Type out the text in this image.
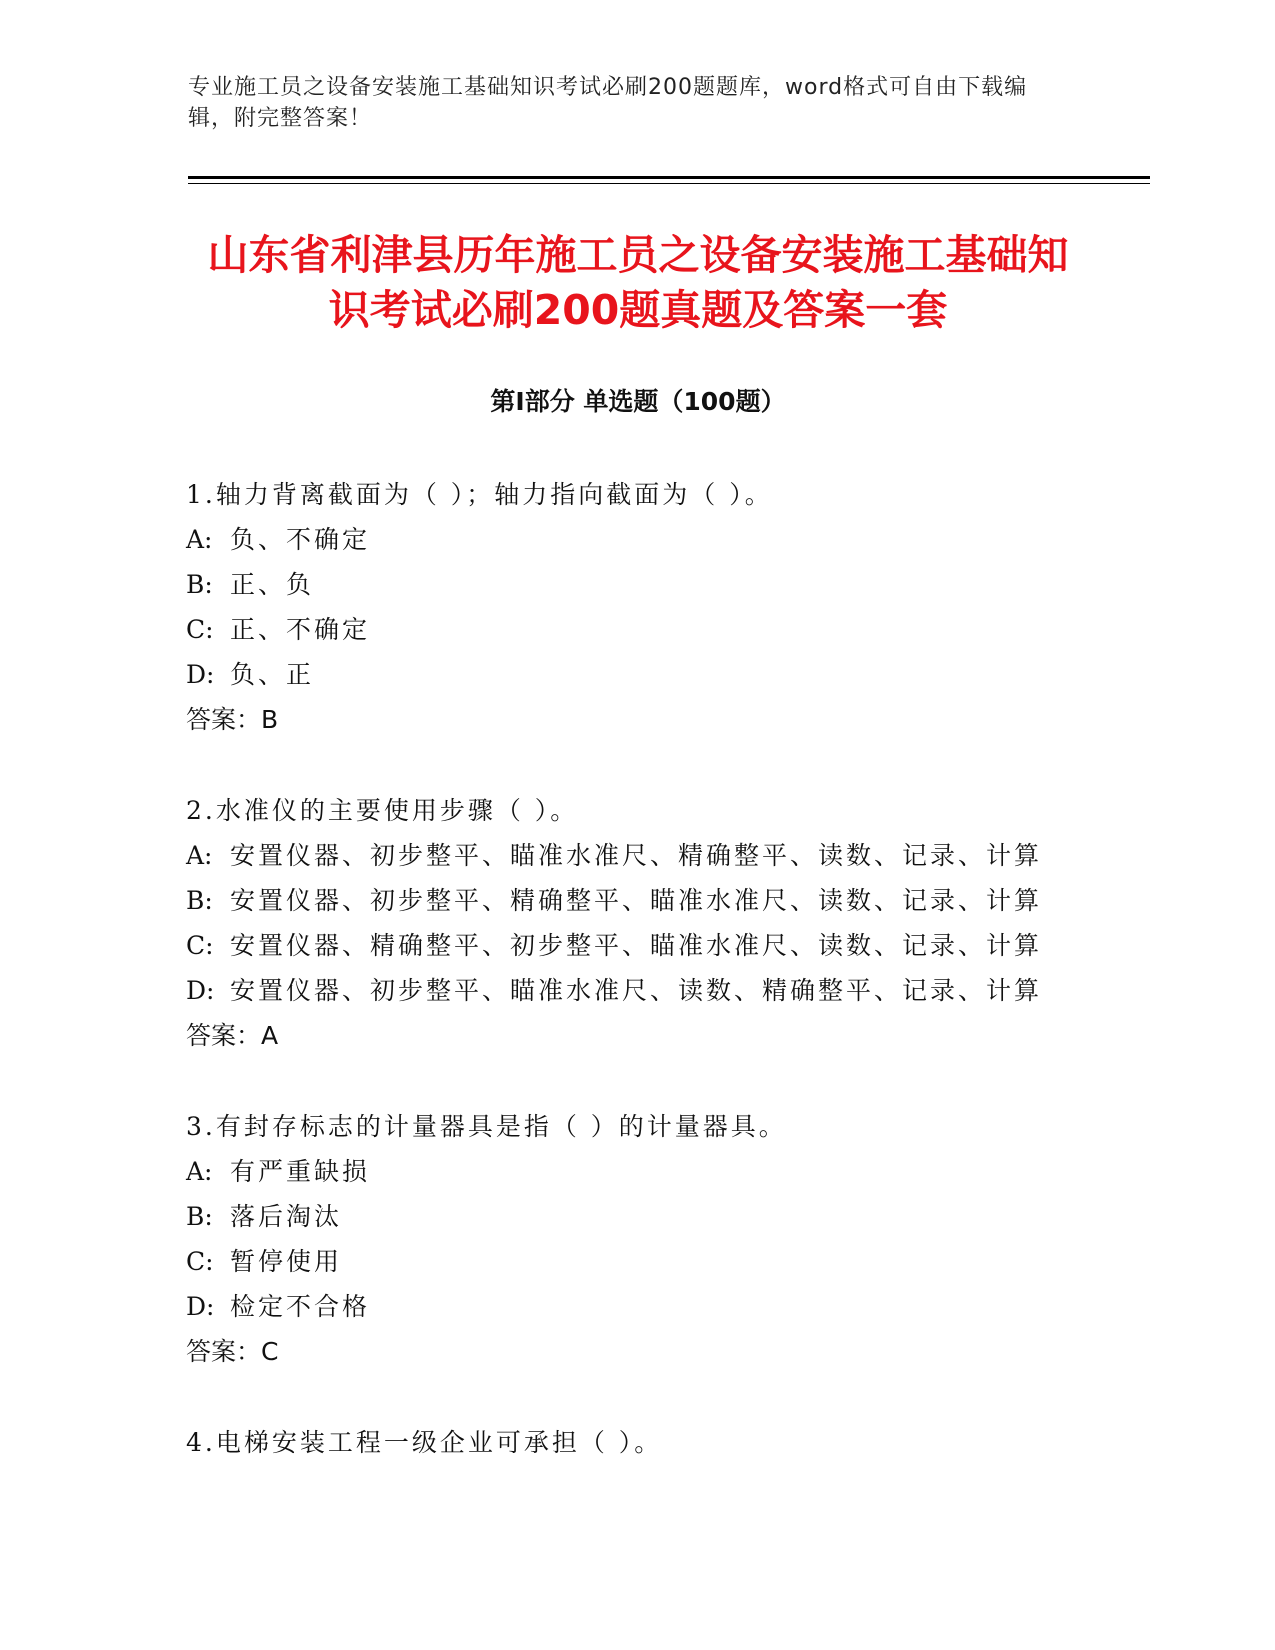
专业施工员之设备安装施工基础知识考试必刷200题题库，word格式可自由下载编辑，附完整答案！
山东省利津县历年施工员之设备安装施工基础知识考试必刷200题真题及答案一套
第Ⅰ部分 单选题（100题）
1.轴力背离截面为（ ）；轴力指向截面为（ ）。
A: 负、不确定
B: 正、负
C: 正、不确定
D: 负、正
答案：B
2.水准仪的主要使用步骤（ ）。
A: 安置仪器、初步整平、瞄准水准尺、精确整平、读数、记录、计算
B: 安置仪器、初步整平、精确整平、瞄准水准尺、读数、记录、计算
C: 安置仪器、精确整平、初步整平、瞄准水准尺、读数、记录、计算
D: 安置仪器、初步整平、瞄准水准尺、读数、精确整平、记录、计算
答案：A
3.有封存标志的计量器具是指（ ）的计量器具。
A: 有严重缺损
B: 落后淘汰
C: 暂停使用
D: 检定不合格
答案：C
4.电梯安装工程一级企业可承担（ ）。
